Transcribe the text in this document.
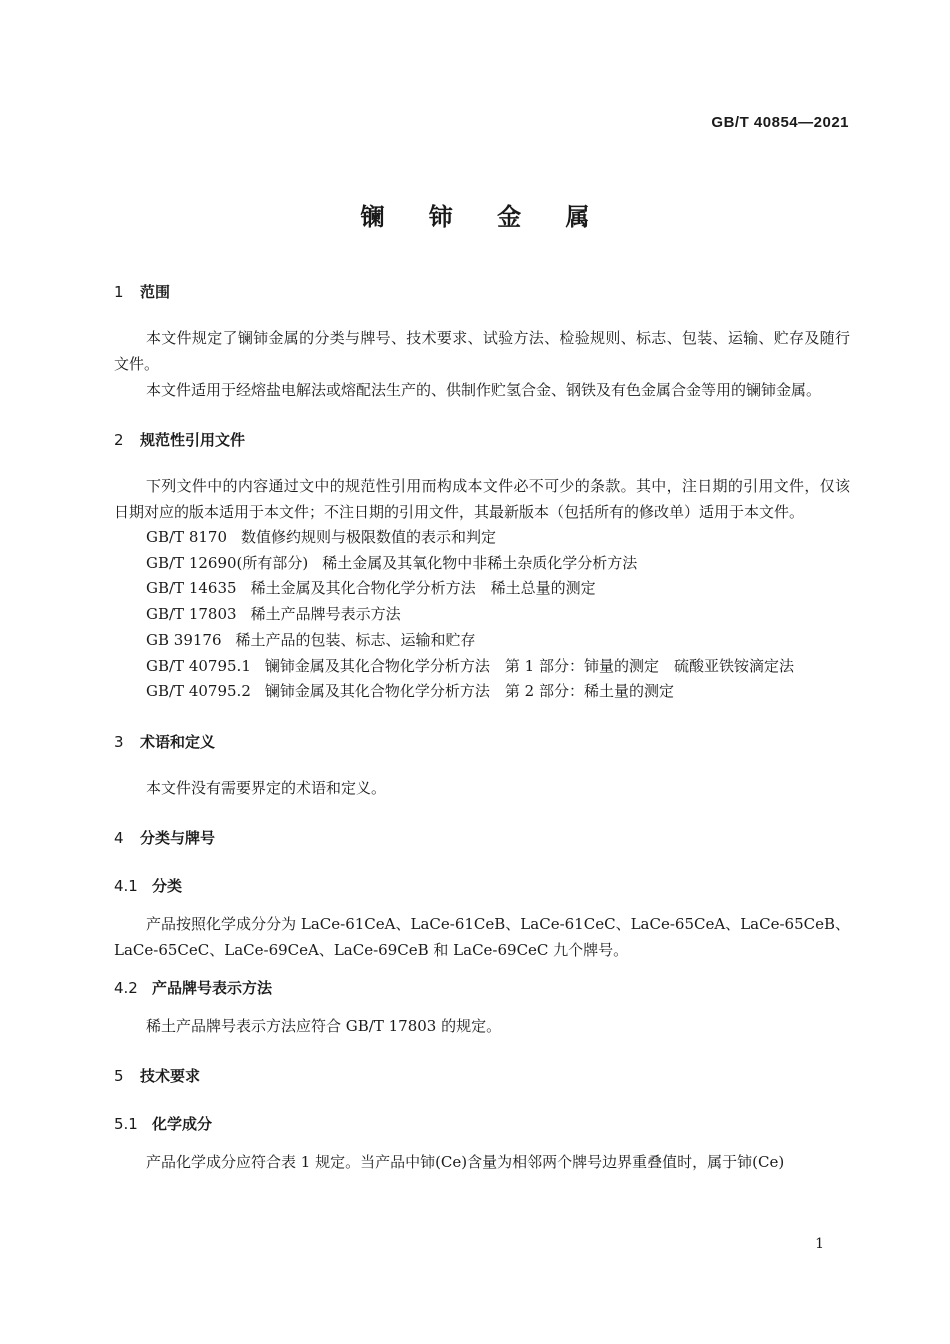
GB/T 40854—2021
镧 铈 金 属
1 范围

本文件规定了镧铈金属的分类与牌号、技术要求、试验方法、检验规则、标志、包装、运输、贮存及随行文件。

本文件适用于经熔盐电解法或熔配法生产的、供制作贮氢合金、钢铁及有色金属合金等用的镧铈金属。

2 规范性引用文件

下列文件中的内容通过文中的规范性引用而构成本文件必不可少的条款。其中，注日期的引用文件，仅该日期对应的版本适用于本文件；不注日期的引用文件，其最新版本（包括所有的修改单）适用于本文件。

GB/T 8170 数值修约规则与极限数值的表示和判定
GB/T 12690(所有部分) 稀土金属及其氧化物中非稀土杂质化学分析方法
GB/T 14635 稀土金属及其化合物化学分析方法　稀土总量的测定
GB/T 17803 稀土产品牌号表示方法
GB 39176 稀土产品的包装、标志、运输和贮存
GB/T 40795.1 镧铈金属及其化合物化学分析方法　第 1 部分：铈量的测定　硫酸亚铁铵滴定法
GB/T 40795.2 镧铈金属及其化合物化学分析方法　第 2 部分：稀土量的测定
3 术语和定义

本文件没有需要界定的术语和定义。

4 分类与牌号
4.1 分类

产品按照化学成分分为 LaCe-61CeA、LaCe-61CeB、LaCe-61CeC、LaCe-65CeA、LaCe-65CeB、LaCe-65CeC、LaCe-69CeA、LaCe-69CeB 和 LaCe-69CeC 九个牌号。

4.2 产品牌号表示方法

稀土产品牌号表示方法应符合 GB/T 17803 的规定。

5 技术要求
5.1 化学成分

产品化学成分应符合表 1 规定。当产品中铈(Ce)含量为相邻两个牌号边界重叠值时，属于铈(Ce)

1
